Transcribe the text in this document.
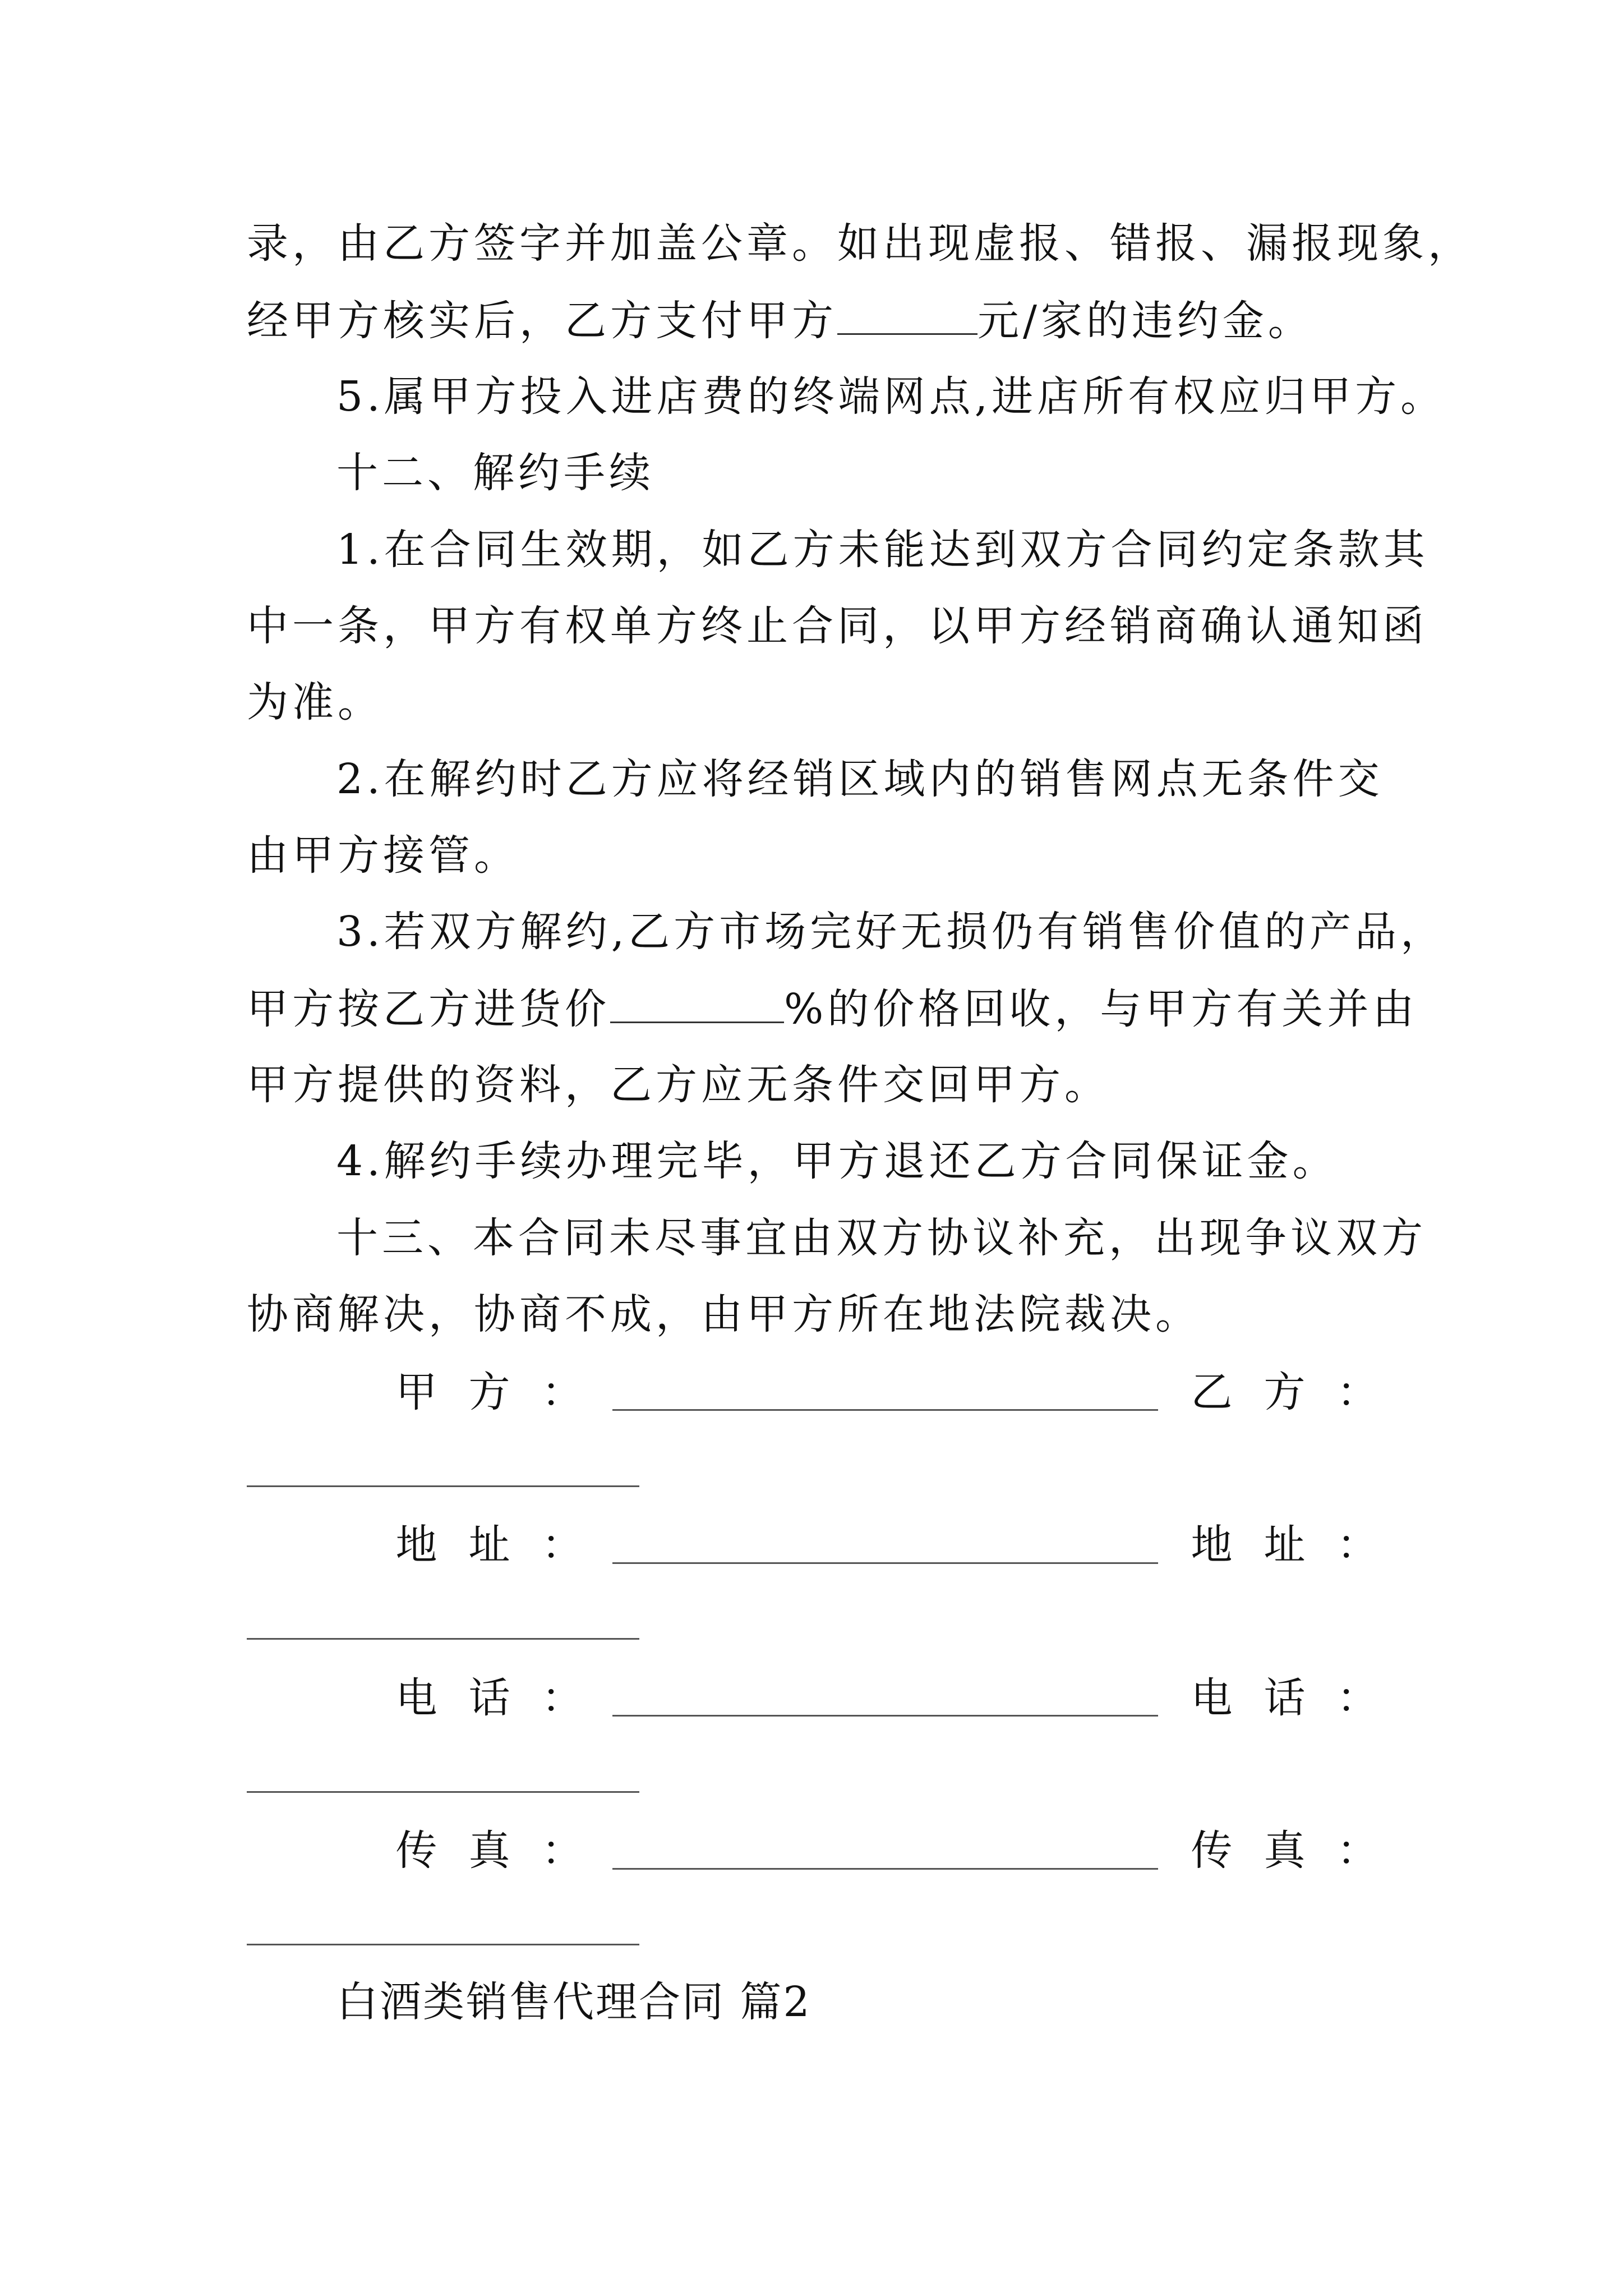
录，由乙方签字并加盖公章。如出现虚报、错报、漏报现象，
经甲方核实后，乙方支付甲方	元/家的违约金。
5.属甲方投入进店费的终端网点,进店所有权应归甲方。
十二、解约手续
1.在合同生效期，如乙方未能达到双方合同约定条款其
中一条，甲方有权单方终止合同，以甲方经销商确认通知函
为准。
2.在解约时乙方应将经销区域内的销售网点无条件交
由甲方接管。
3.若双方解约,乙方市场完好无损仍有销售价值的产品，
甲方按乙方进货价	%的价格回收，与甲方有关并由
甲方提供的资料，乙方应无条件交回甲方。
4.解约手续办理完毕，甲方退还乙方合同保证金。
十三、本合同未尽事宜由双方协议补充，出现争议双方
协商解决，协商不成，由甲方所在地法院裁决。
甲 方 ：	乙 方 ：
地 址 ：	地 址 ：
电 话 ：	电 话 ：
传 真 ：	传 真 ：
白酒类销售代理合同 篇2
